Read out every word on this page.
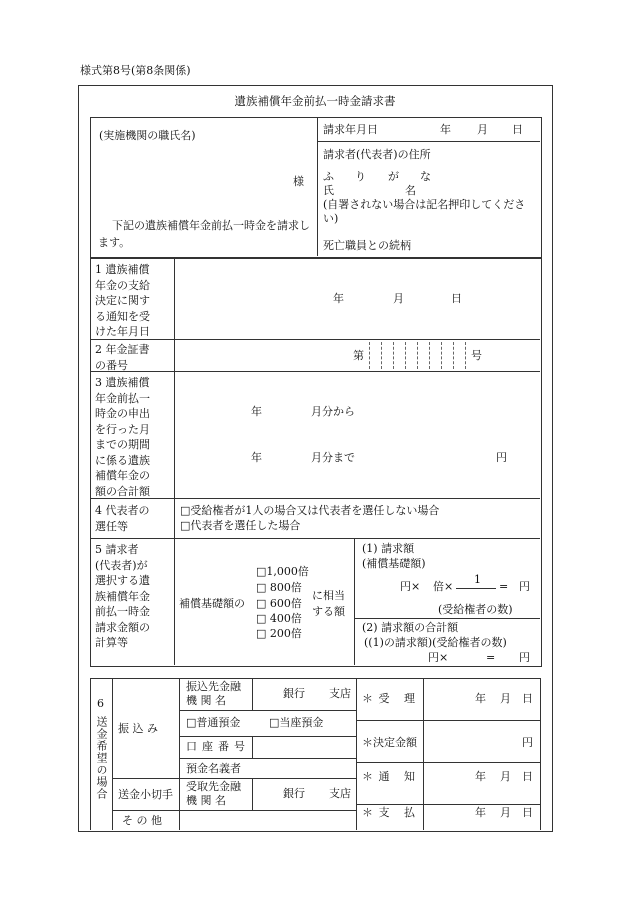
様式第8号(第8条関係)
遺族補償年金前払一時金請求書
(実施機関の職氏名)
様
下記の遺族補償年金前払一時金を請求します。
請求年月日	年 月 日
請求者(代表者)の住所
ふ り が な
氏	名
(自署されない場合は記名押印してください)
死亡職員との続柄
1 遺族補償
年金の支給
決定に関す
る通知を受
けた年月日
年	月	日
2 年金証書
の番号
第	号
3 遺族補償
年金前払一
時金の申出
を行った月
までの期間
に係る遺族
補償年金の
額の合計額
年	月分から
年	月分まで	円
4 代表者の
選任等
□受給権者が1人の場合又は代表者を選任しない場合
□代表者を選任した場合
5 請求者
(代表者)が
選択する遺
族補償年金
前払一時金
請求金額の
計算等
補償基礎額の
□1,000倍
□ 800倍
□ 600倍
□ 400倍
□ 200倍
に相当
する額
(1) 請求額
(補償基礎額)
円× 倍×
1
= 円
(受給権者の数)
(2) 請求額の合計額
((1)の請求額)(受給権者の数)
円×	= 円
6
送金希望の場合 振 込 み
振込先金融
機 関 名
銀行 支店
□普通預金	□当座預金
口座番号
預金名義者
送金小切手
受取先金融
機 関 名
銀行 支店
そ の 他
＊受 理	年 月 日
＊決定金額	円
＊通 知	年 月 日
＊支 払	年 月 日
